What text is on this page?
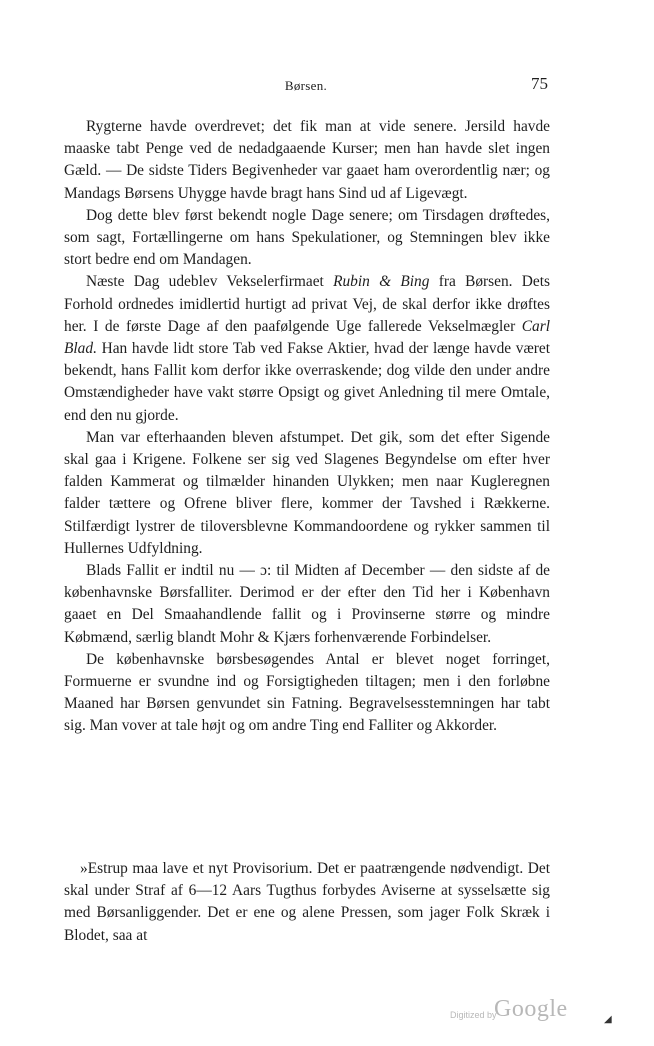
Børsen.	75

Rygterne havde overdrevet; det fik man at vide senere. Jersild havde maaske tabt Penge ved de nedadgaaende Kurser; men han havde slet ingen Gæld. — De sidste Tiders Begivenheder var gaaet ham overordentlig nær; og Mandags Børsens Uhygge havde bragt hans Sind ud af Ligevægt.

Dog dette blev først bekendt nogle Dage senere; om Tirsdagen drøftedes, som sagt, Fortællingerne om hans Spekulationer, og Stemningen blev ikke stort bedre end om Mandagen.

Næste Dag udeblev Vekselerfirmaet Rubin & Bing fra Børsen. Dets Forhold ordnedes imidlertid hurtigt ad privat Vej, de skal derfor ikke drøftes her. I de første Dage af den paafølgende Uge fallerede Vekselmægler Carl Blad. Han havde lidt store Tab ved Fakse Aktier, hvad der længe havde været bekendt, hans Fallit kom derfor ikke overraskende; dog vilde den under andre Omstændigheder have vakt større Opsigt og givet Anledning til mere Omtale, end den nu gjorde.

Man var efterhaanden bleven afstumpet. Det gik, som det efter Sigende skal gaa i Krigene. Folkene ser sig ved Slagenes Begyndelse om efter hver falden Kammerat og tilmælder hinanden Ulykken; men naar Kugleregnen falder tættere og Ofrene bliver flere, kommer der Tavshed i Rækkerne. Stilfærdigt lystrer de tiloversblevne Kommandoordene og rykker sammen til Hullernes Udfyldning.

Blads Fallit er indtil nu — ɔ: til Midten af December — den sidste af de københavnske Børsfalliter. Derimod er der efter den Tid her i København gaaet en Del Smaahandlende fallit og i Provinserne større og mindre Købmænd, særlig blandt Mohr & Kjærs forhenværende Forbindelser.

De københavnske børsbesøgendes Antal er blevet noget forringet, Formuerne er svundne ind og Forsigtigheden tiltagen; men i den forløbne Maaned har Børsen genvundet sin Fatning. Begravelsesstemningen har tabt sig. Man vover at tale højt og om andre Ting end Falliter og Akkorder.

»Estrup maa lave et nyt Provisorium. Det er paatrængende nødvendigt. Det skal under Straf af 6—12 Aars Tugthus forbydes Aviserne at sysselsætte sig med Børsanliggender. Det er ene og alene Pressen, som jager Folk Skræk i Blodet, saa at

Digitized by
Google	◢
